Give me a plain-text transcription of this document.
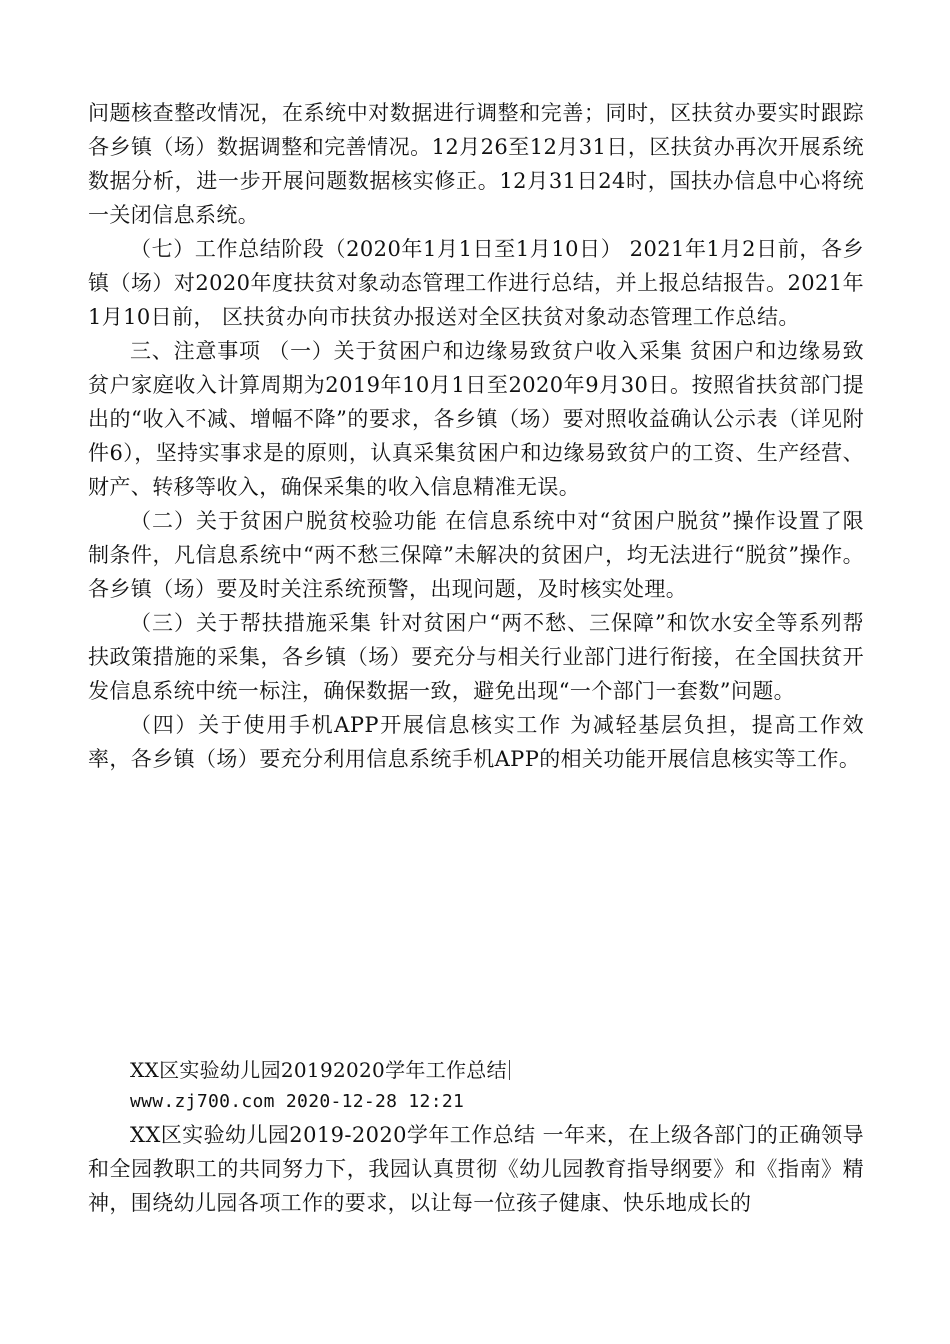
问题核查整改情况，在系统中对数据进行调整和完善；同时，区扶贫办要实时跟踪各乡镇（场）数据调整和完善情况。12月26至12月31日，区扶贫办再次开展系统数据分析，进一步开展问题数据核实修正。12月31日24时，国扶办信息中心将统一关闭信息系统。

（七）工作总结阶段（2020年1月1日至1月10日） 2021年1月2日前，各乡镇（场）对2020年度扶贫对象动态管理工作进行总结，并上报总结报告。2021年1月10日前， 区扶贫办向市扶贫办报送对全区扶贫对象动态管理工作总结。

三、注意事项 （一）关于贫困户和边缘易致贫户收入采集 贫困户和边缘易致贫户家庭收入计算周期为2019年10月1日至2020年9月30日。按照省扶贫部门提出的“收入不减、增幅不降”的要求，各乡镇（场）要对照收益确认公示表（详见附件6），坚持实事求是的原则，认真采集贫困户和边缘易致贫户的工资、生产经营、财产、转移等收入，确保采集的收入信息精准无误。

（二）关于贫困户脱贫校验功能 在信息系统中对“贫困户脱贫”操作设置了限制条件，凡信息系统中“两不愁三保障”未解决的贫困户，均无法进行“脱贫”操作。各乡镇（场）要及时关注系统预警，出现问题，及时核实处理。

（三）关于帮扶措施采集 针对贫困户“两不愁、三保障”和饮水安全等系列帮扶政策措施的采集，各乡镇（场）要充分与相关行业部门进行衔接，在全国扶贫开发信息系统中统一标注，确保数据一致，避免出现“一个部门一套数”问题。

（四）关于使用手机APP开展信息核实工作 为减轻基层负担，提高工作效率，各乡镇（场）要充分利用信息系统手机APP的相关功能开展信息核实等工作。

XX区实验幼儿园20192020学年工作总结

www.zj700.com 2020-12-28 12:21

XX区实验幼儿园2019-2020学年工作总结 一年来，在上级各部门的正确领导和全园教职工的共同努力下，我园认真贯彻《幼儿园教育指导纲要》和《指南》精神，围绕幼儿园各项工作的要求，以让每一位孩子健康、快乐地成长的
